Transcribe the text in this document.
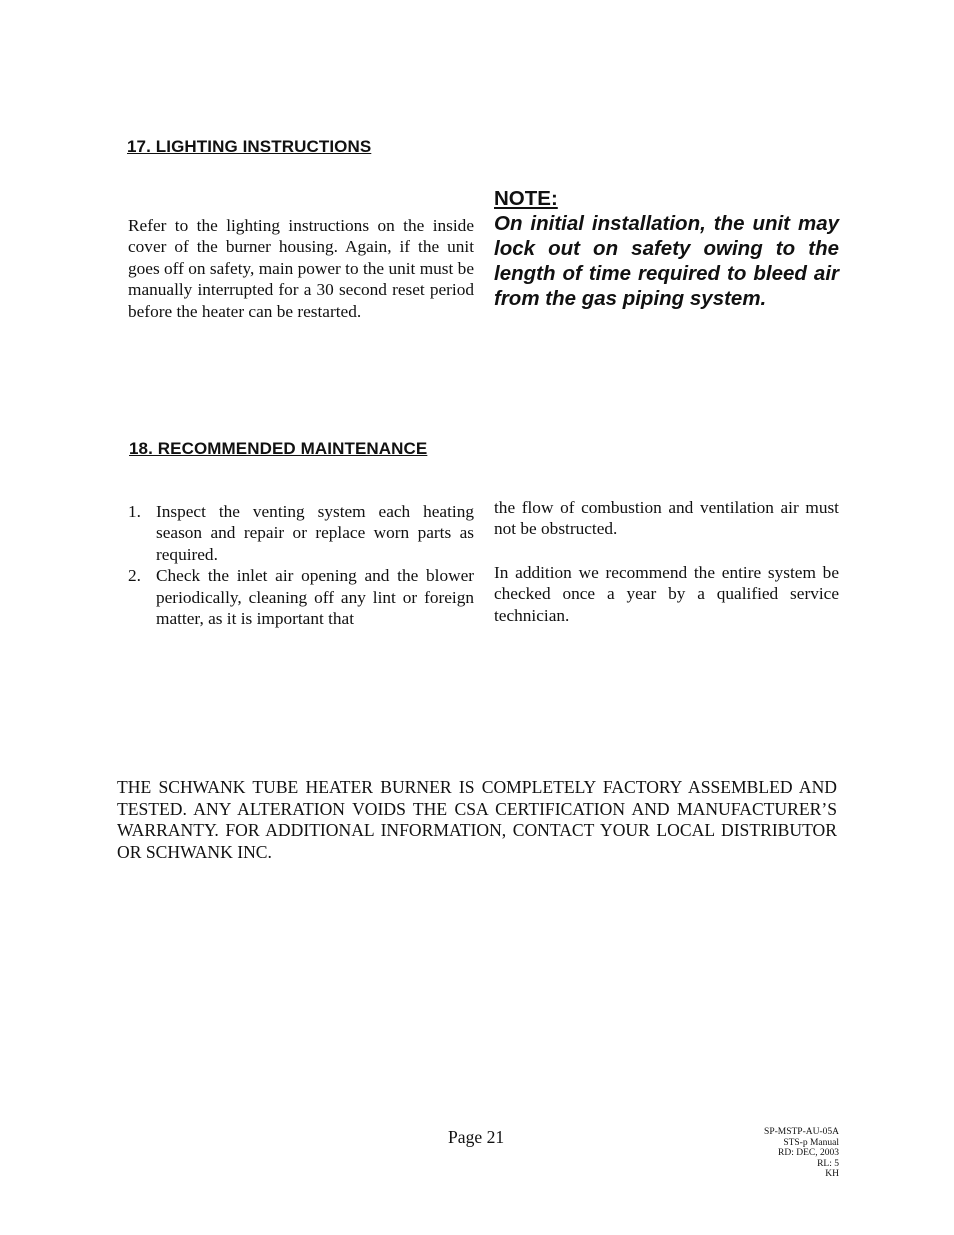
17. LIGHTING INSTRUCTIONS
Refer to the lighting instructions on the inside cover of the burner housing. Again, if the unit goes off on safety, main power to the unit must be manually interrupted for a 30 second reset period before the heater can be restarted.
NOTE:
On initial installation, the unit may lock out on safety owing to the length of time required to bleed air from the gas piping system.
18. RECOMMENDED MAINTENANCE
1. Inspect the venting system each heating season and repair or replace worn parts as required.
2. Check the inlet air opening and the blower periodically, cleaning off any lint or foreign matter, as it is important that
the flow of combustion and ventilation air must not be obstructed.
In addition we recommend the entire system be checked once a year by a qualified service technician.
THE SCHWANK TUBE HEATER BURNER IS COMPLETELY FACTORY ASSEMBLED AND TESTED. ANY ALTERATION VOIDS THE CSA CERTIFICATION AND MANUFACTURER’S WARRANTY. FOR ADDITIONAL INFORMATION, CONTACT YOUR LOCAL DISTRIBUTOR OR SCHWANK INC.
Page 21	SP-MSTP-AU-05A
STS-p Manual
RD: DEC, 2003
RL: 5
KH
